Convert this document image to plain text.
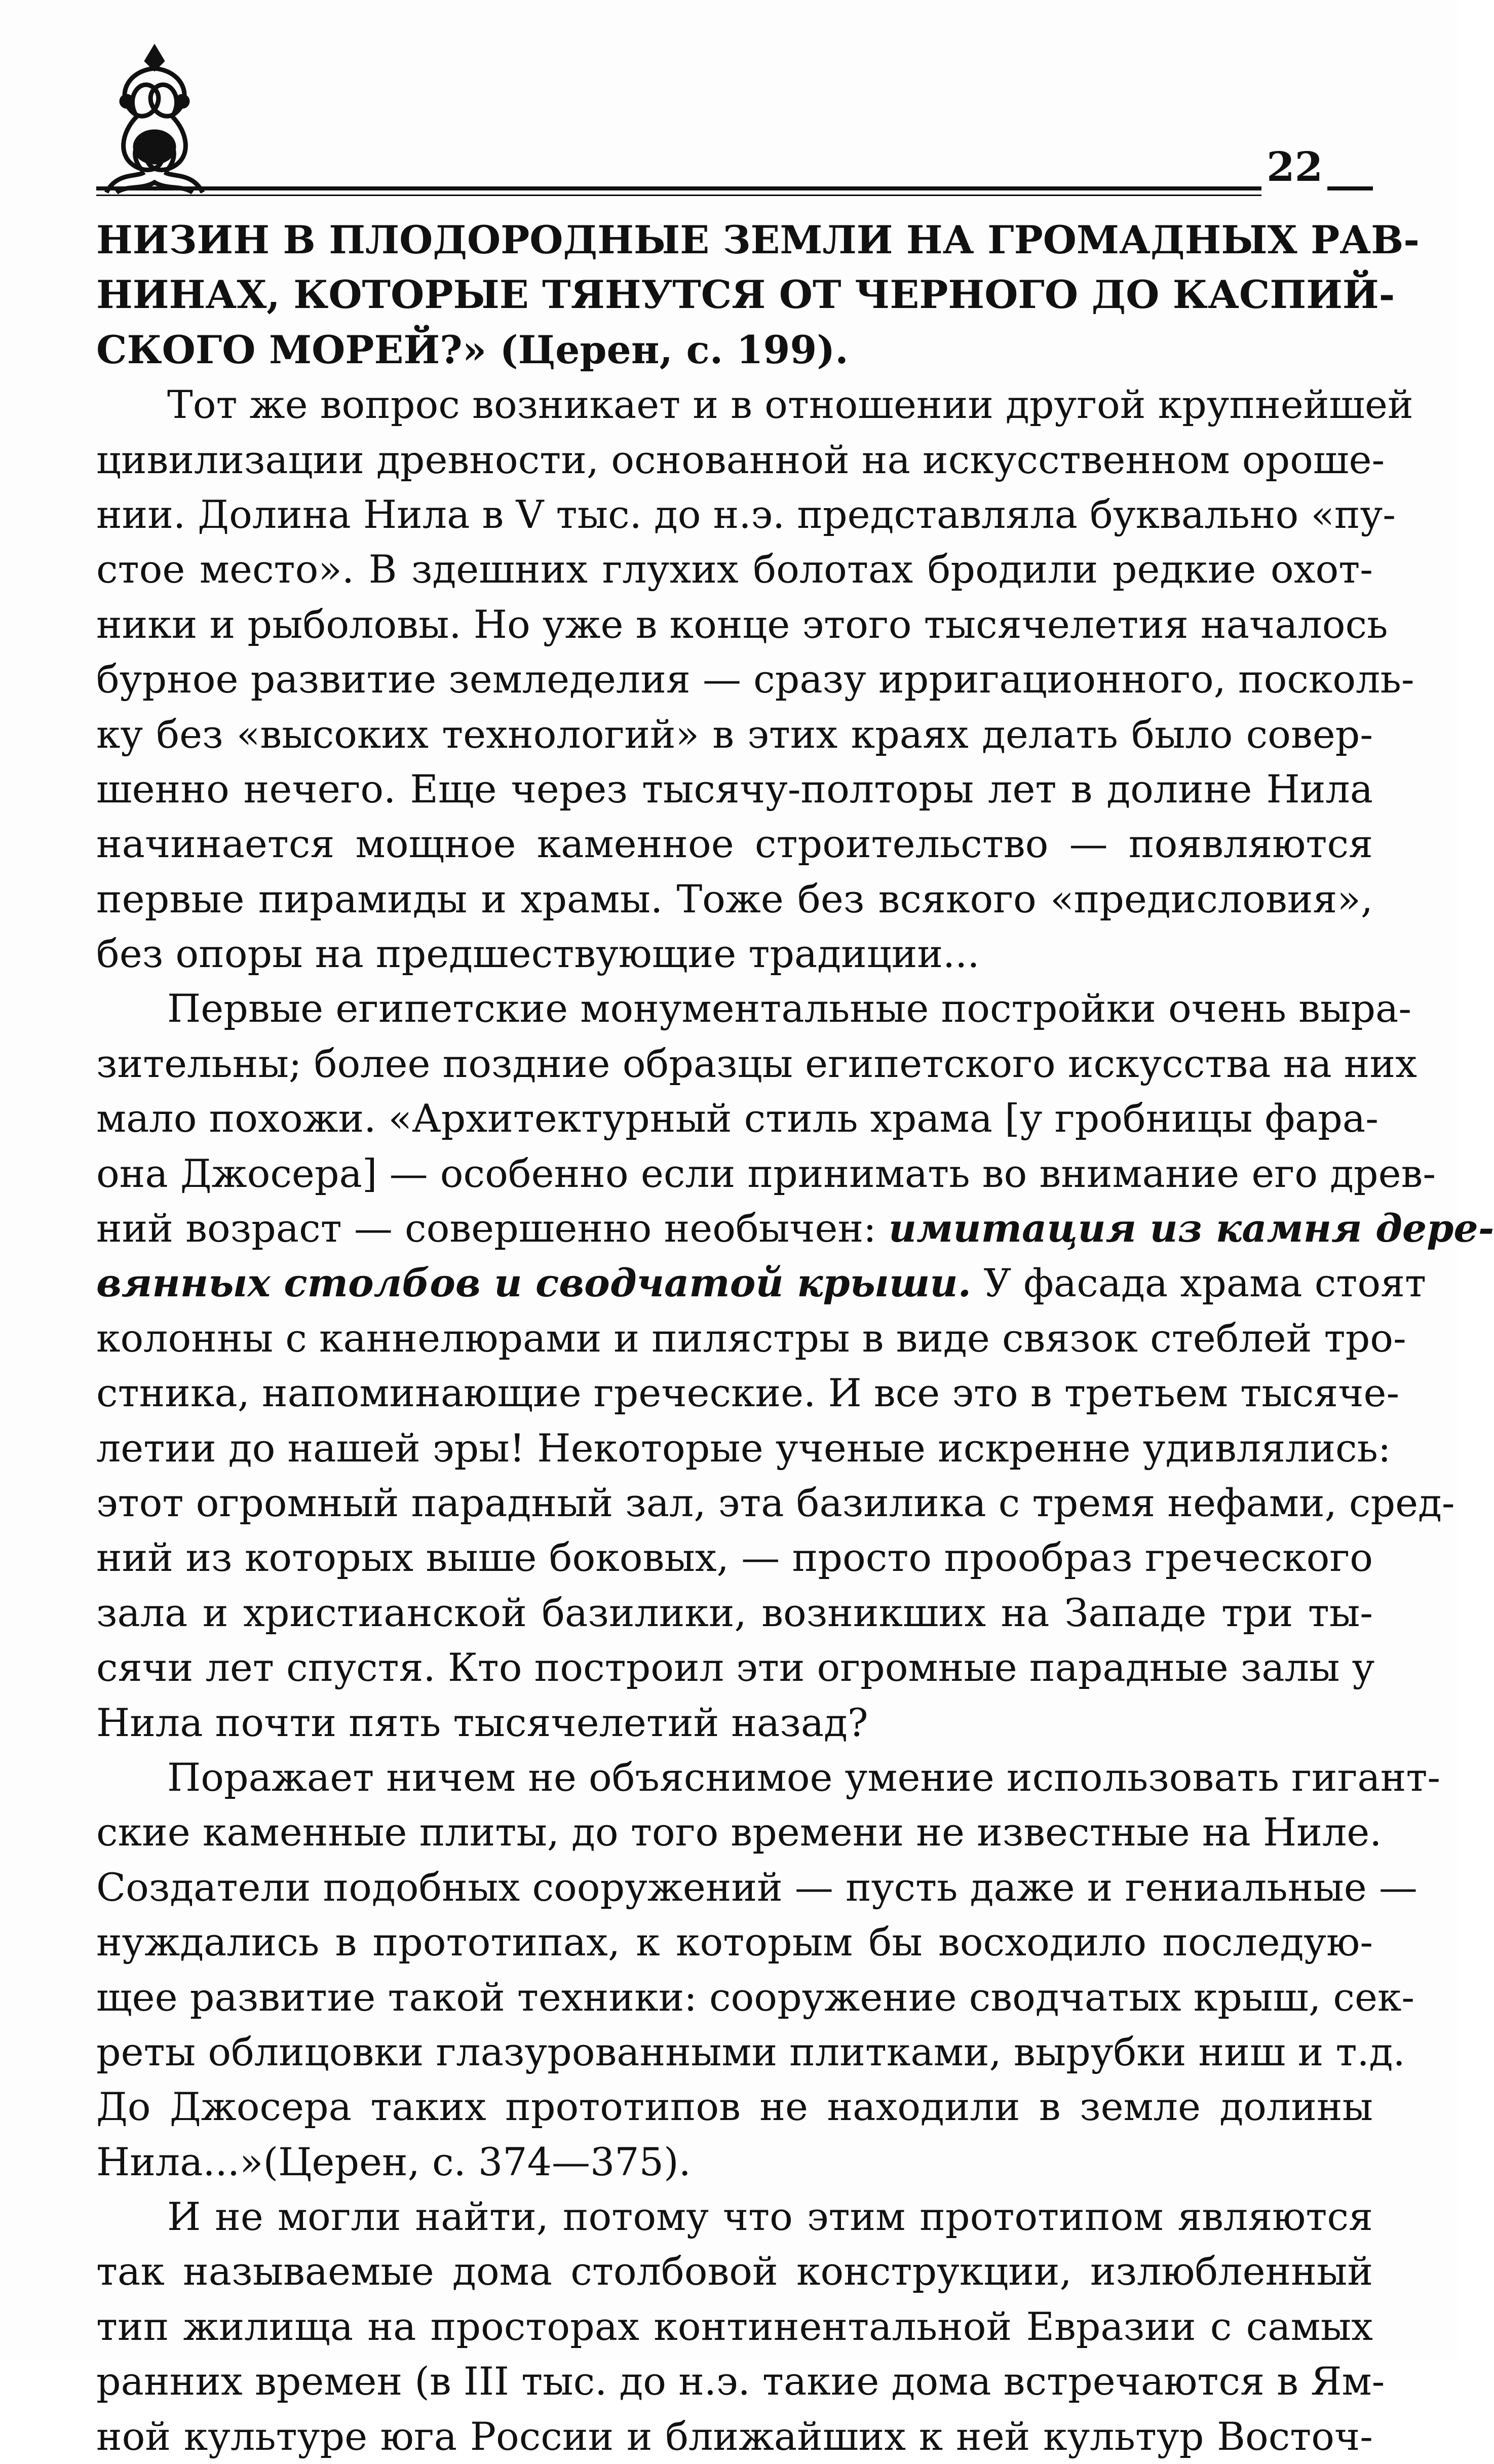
22
НИЗИН В ПЛОДОРОДНЫЕ ЗЕМЛИ НА ГРОМАДНЫХ РАВ-
НИНАХ, КОТОРЫЕ ТЯНУТСЯ ОТ ЧЕРНОГО ДО КАСПИЙ-
СКОГО МОРЕЙ?» (Церен, с. 199).
Тот же вопрос возникает и в отношении другой крупнейшей
цивилизации древности, основанной на искусственном ороше-
нии. Долина Нила в V тыс. до н.э. представляла буквально «пу-
стое место». В здешних глухих болотах бродили редкие охот-
ники и рыболовы. Но уже в конце этого тысячелетия началось
бурное развитие земледелия — сразу ирригационного, посколь-
ку без «высоких технологий» в этих краях делать было совер-
шенно нечего. Еще через тысячу-полторы лет в долине Нила
начинается мощное каменное строительство — появляются
первые пирамиды и храмы. Тоже без всякого «предисловия»,
без опоры на предшествующие традиции...
Первые египетские монументальные постройки очень выра-
зительны; более поздние образцы египетского искусства на них
мало похожи. «Архитектурный стиль храма [у гробницы фара-
она Джосера] — особенно если принимать во внимание его древ-
ний возраст — совершенно необычен: имитация из камня дере-
вянных столбов и сводчатой крыши. У фасада храма стоят
колонны с каннелюрами и пилястры в виде связок стеблей тро-
стника, напоминающие греческие. И все это в третьем тысяче-
летии до нашей эры! Некоторые ученые искренне удивлялись:
этот огромный парадный зал, эта базилика с тремя нефами, сред-
ний из которых выше боковых, — просто прообраз греческого
зала и христианской базилики, возникших на Западе три ты-
сячи лет спустя. Кто построил эти огромные парадные залы у
Нила почти пять тысячелетий назад?
Поражает ничем не объяснимое умение использовать гигант-
ские каменные плиты, до того времени не известные на Ниле.
Создатели подобных сооружений — пусть даже и гениальные —
нуждались в прототипах, к которым бы восходило последую-
щее развитие такой техники: сооружение сводчатых крыш, сек-
реты облицовки глазурованными плитками, вырубки ниш и т.д.
До Джосера таких прототипов не находили в земле долины
Нила...»(Церен, с. 374—375).
И не могли найти, потому что этим прототипом являются
так называемые дома столбовой конструкции, излюбленный
тип жилища на просторах континентальной Евразии с самых
ранних времен (в III тыс. до н.э. такие дома встречаются в Ям-
ной культуре юга России и ближайших к ней культур Восточ-
